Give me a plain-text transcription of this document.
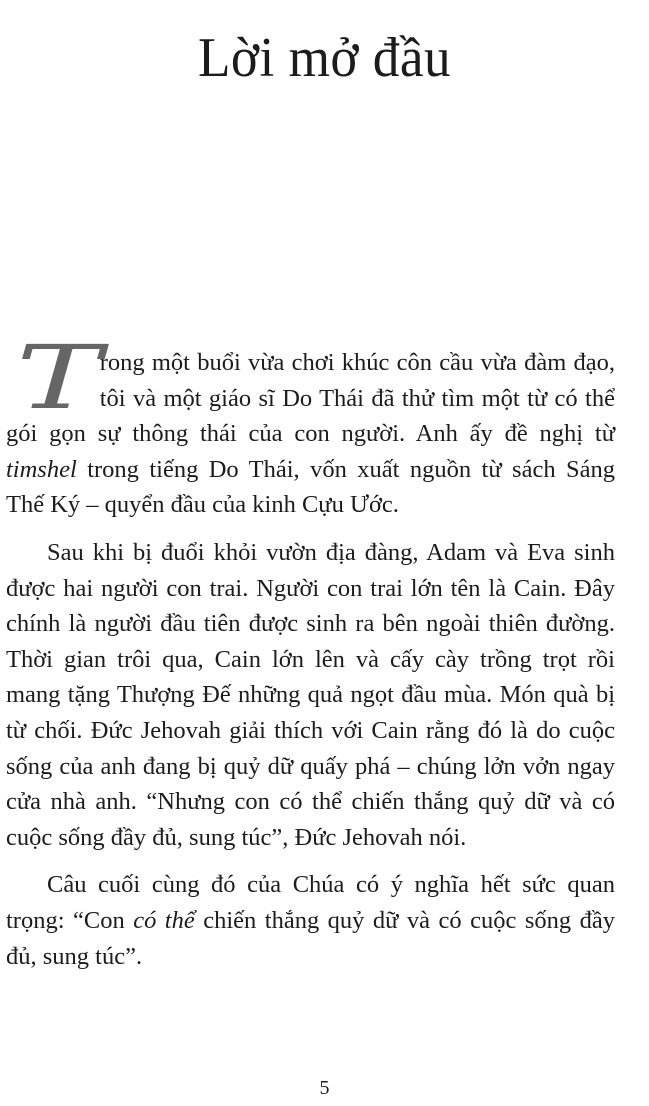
Lời mở đầu

T
rong một buổi vừa chơi khúc côn cầu vừa đàm đạo, tôi và một giáo sĩ Do Thái đã thử tìm một từ có thể gói gọn sự thông thái của con người. Anh ấy đề nghị từ timshel trong tiếng Do Thái, vốn xuất nguồn từ sách Sáng Thế Ký – quyển đầu của kinh Cựu Ước.

Sau khi bị đuổi khỏi vườn địa đàng, Adam và Eva sinh được hai người con trai. Người con trai lớn tên là Cain. Đây chính là người đầu tiên được sinh ra bên ngoài thiên đường. Thời gian trôi qua, Cain lớn lên và cấy cày trồng trọt rồi mang tặng Thượng Đế những quả ngọt đầu mùa. Món quà bị từ chối. Đức Jehovah giải thích với Cain rằng đó là do cuộc sống của anh đang bị quỷ dữ quấy phá – chúng lởn vởn ngay cửa nhà anh. “Nhưng con có thể chiến thắng quỷ dữ và có cuộc sống đầy đủ, sung túc”, Đức Jehovah nói.

Câu cuối cùng đó của Chúa có ý nghĩa hết sức quan trọng: “Con có thể chiến thắng quỷ dữ và có cuộc sống đầy đủ, sung túc”.

5
